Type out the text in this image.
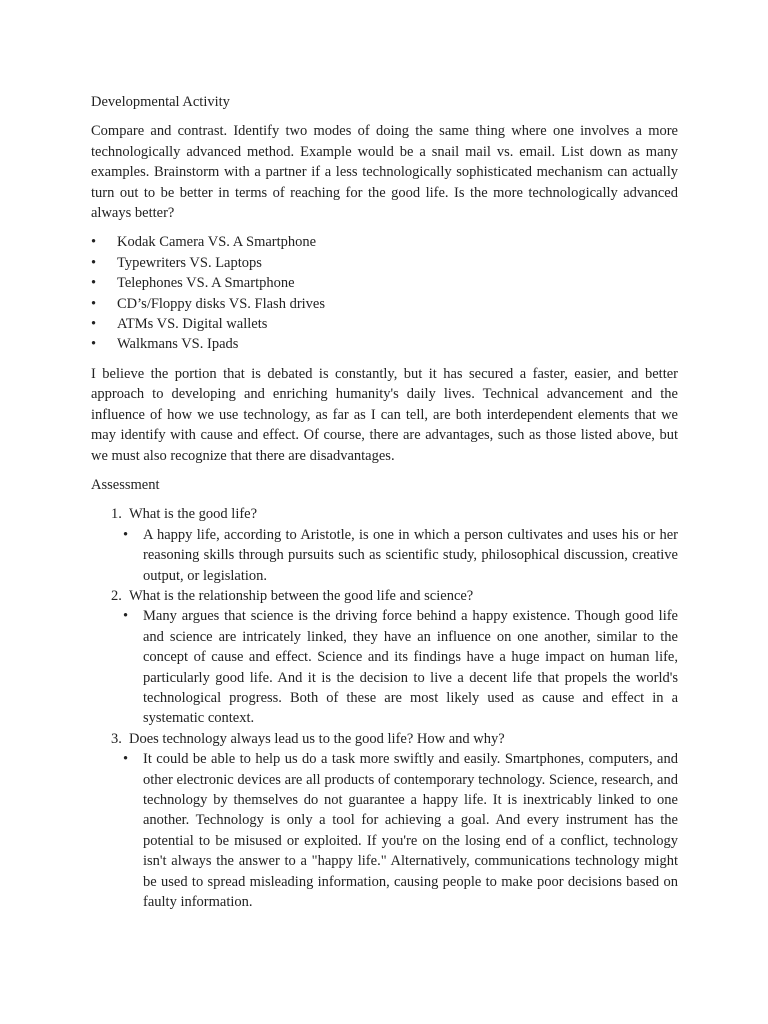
Developmental Activity

Compare and contrast. Identify two modes of doing the same thing where one involves a more technologically advanced method. Example would be a snail mail vs. email. List down as many examples. Brainstorm with a partner if a less technologically sophisticated mechanism can actually turn out to be better in terms of reaching for the good life. Is the more technologically advanced always better?

• Kodak Camera VS. A Smartphone
• Typewriters VS. Laptops
• Telephones VS. A Smartphone
• CD’s/Floppy disks VS. Flash drives
• ATMs VS. Digital wallets
• Walkmans VS. Ipads

I believe the portion that is debated is constantly, but it has secured a faster, easier, and better approach to developing and enriching humanity's daily lives. Technical advancement and the influence of how we use technology, as far as I can tell, are both interdependent elements that we may identify with cause and effect. Of course, there are advantages, such as those listed above, but we must also recognize that there are disadvantages.

Assessment
1. What is the good life?
• A happy life, according to Aristotle, is one in which a person cultivates and uses his or her reasoning skills through pursuits such as scientific study, philosophical discussion, creative output, or legislation.
2. What is the relationship between the good life and science?
• Many argues that science is the driving force behind a happy existence. Though good life and science are intricately linked, they have an influence on one another, similar to the concept of cause and effect. Science and its findings have a huge impact on human life, particularly good life. And it is the decision to live a decent life that propels the world's technological progress. Both of these are most likely used as cause and effect in a systematic context.
3. Does technology always lead us to the good life? How and why?
• It could be able to help us do a task more swiftly and easily. Smartphones, computers, and other electronic devices are all products of contemporary technology. Science, research, and technology by themselves do not guarantee a happy life. It is inextricably linked to one another. Technology is only a tool for achieving a goal. And every instrument has the potential to be misused or exploited. If you're on the losing end of a conflict, technology isn't always the answer to a "happy life." Alternatively, communications technology might be used to spread misleading information, causing people to make poor decisions based on faulty information.
